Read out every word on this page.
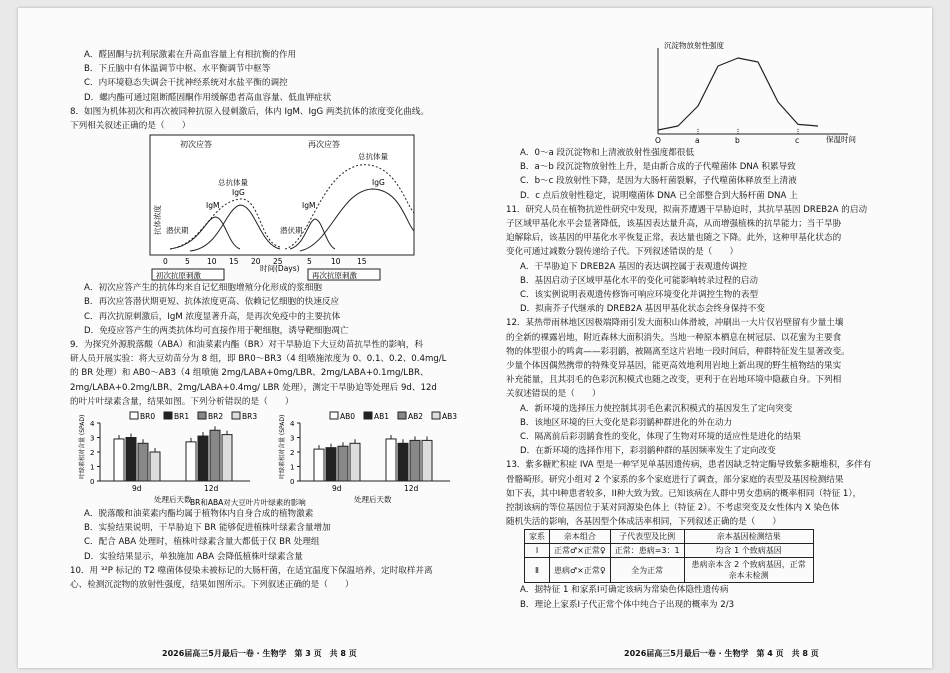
A．醛固酮与抗利尿激素在升高血容量上有相抗衡的作用

B．下丘脑中有体温调节中枢、水平衡调节中枢等

C．内环境稳态失调会干扰神经系统对水盐平衡的调控

D．螺内酯可通过阻断醛固酮作用缓解患者高血容量、低血钾症状

8．如图为机体初次和再次被同种抗原入侵刺激后，体内 IgM、IgG 两类抗体的浓度变化曲线。

下列相关叙述正确的是（　　）

初次应答	再次应答
抗体浓度
总抗体量
总抗体量
IgM
IgG
IgM
IgG
潜伏期	潜伏期
0 5 10 15 20 25	5	10 15
时间(Days)
初次抗原刺激	再次抗原刺激

A．初次应答产生的抗体均来自记忆细胞增殖分化形成的浆细胞

B．再次应答潜伏期更短、抗体浓度更高、依赖记忆细胞的快速反应

C．再次抗原刺激后，IgM 浓度显著升高，是再次免疫中的主要抗体

D．免疫应答产生的两类抗体均可直接作用于靶细胞，诱导靶细胞凋亡

9．为探究外源脱落酸（ABA）和油菜素内酯（BR）对干旱胁迫下大豆幼苗抗旱性的影响，科

研人员开展实验：将大豆幼苗分为 8 组，即 BR0～BR3（4 组喷施浓度为 0、0.1、0.2、0.4mg/L

的 BR 处理）和 AB0～AB3（4 组喷施 2mg/LABA+0mg/LBR、2mg/LABA+0.1mg/LBR、

2mg/LABA+0.2mg/LBR、2mg/LABA+0.4mg/ LBR 处理），测定干旱胁迫等处理后 9d、12d

的叶片叶绿素含量，结果如图。下列分析错误的是（　　）

0
1
2
3
4
叶绿素相对含量 (SPAD)	BR0	BR1	BR2	BR3
9d	12d
处理后天数
0
1
2
3
4
叶绿素相对含量 (SPAD)	AB0	AB1	AB2	AB3
9d	12d
处理后天数
BR和ABA对大豆叶片叶绿素的影响

A．脱落酸和油菜素内酯均属于植物体内自身合成的植物激素

B．实验结果说明，干旱胁迫下 BR 能够促进植株叶绿素含量增加

C．配合 ABA 处理时，植株叶绿素含量大都低于仅 BR 处理组

D．实验结果显示，单独施加 ABA 会降低植株叶绿素含量

10．用 ³²P 标记的 T2 噬菌体侵染未被标记的大肠杆菌，在适宜温度下保温培养，定时取样并离

心、检测沉淀物的放射性强度，结果如图所示。下列叙述正确的是（　　）

2026届高三5月最后一卷 · 生物学　第 3 页　共 8 页
沉淀物放射性强度
保温时间
O	a	b	c

A．0～a 段沉淀物和上清液放射性强度都很低

B．a～b 段沉淀物放射性上升，是由新合成的子代噬菌体 DNA 积累导致

C．b～c 段放射性下降，是因为大肠杆菌裂解，子代噬菌体释放至上清液

D．c 点后放射性稳定，说明噬菌体 DNA 已全部整合到大肠杆菌 DNA 上

11．研究人员在植物抗逆性研究中发现，拟南芥遭遇干旱胁迫时，其抗旱基因 DREB2A 的启动

子区域甲基化水平会显著降低，该基因表达量升高，从而增强植株的抗旱能力；当干旱胁

迫解除后，该基因的甲基化水平恢复正常，表达量也随之下降。此外，这种甲基化状态的

变化可通过减数分裂传递给子代。下列叙述错误的是（　　）

A．干旱胁迫下 DREB2A 基因的表达调控属于表观遗传调控

B．基因启动子区域甲基化水平的变化可能影响转录过程的启动

C．该实例说明表观遗传修饰可响应环境变化并调控生物的表型

D．拟南芥子代继承的 DREB2A 基因甲基化状态会终身保持不变

12．某热带雨林地区因极端降雨引发大面积山体滑坡，冲刷出一大片仅岩壁留有少量土壤

的全新的裸露岩地，附近森林大面积消失。当地一种原本栖息在树冠层、以花蜜为主要食

物的体型很小的鸣禽——彩羽鹟，被隔离至这片岩地一段时间后，种群特征发生显著改变。

少量个体因偶然携带的特殊变异基因，能更高效地利用岩地上新出现的野生植物结的果实

补充能量，且其羽毛的色彩沉积模式也随之改变，更利于在岩地环境中隐蔽自身。下列相

关叙述错误的是（　　）

A．新环境的选择压力使控制其羽毛色素沉积模式的基因发生了定向突变

B．该地区环境的巨大变化是彩羽鹟种群进化的外在动力

C．隔离前后彩羽鹟食性的变化，体现了生物对环境的适应性是进化的结果

D．在新环境的选择作用下，彩羽鹟种群的基因频率发生了定向改变

13．紫多糖贮积症 IVA 型是一种罕见单基因遗传病，患者因缺乏特定酶导致紫多糖堆积，多伴有

骨骼畸形。研究小组对 2 个家系的多个家庭进行了调查，部分家庭的表型及基因检测结果

如下表，其中I种患者较多，II种大致为致。已知该病在人群中男女患病的概率相同（特征 1），

控制该病的等位基因位于某对同源染色体上（特征 2）。不考虑突变及女性体内 X 染色体

随机失活的影响，各基因型个体成活率相同，下列叙述正确的是（　　）

家系	亲本组合	子代表型及比例	亲本基因检测结果
Ⅰ	正常♂×正常♀	正常：患病=3：1	均含 1 个致病基因
Ⅱ	患病♂×正常♀	全为正常	患病亲本含 2 个致病基因，正常亲本未检测

A．据特征 1 和家系I可确定该病为常染色体隐性遗传病

B．理论上家系I子代正常个体中纯合子出现的概率为 2/3

2026届高三5月最后一卷 · 生物学　第 4 页　共 8 页
